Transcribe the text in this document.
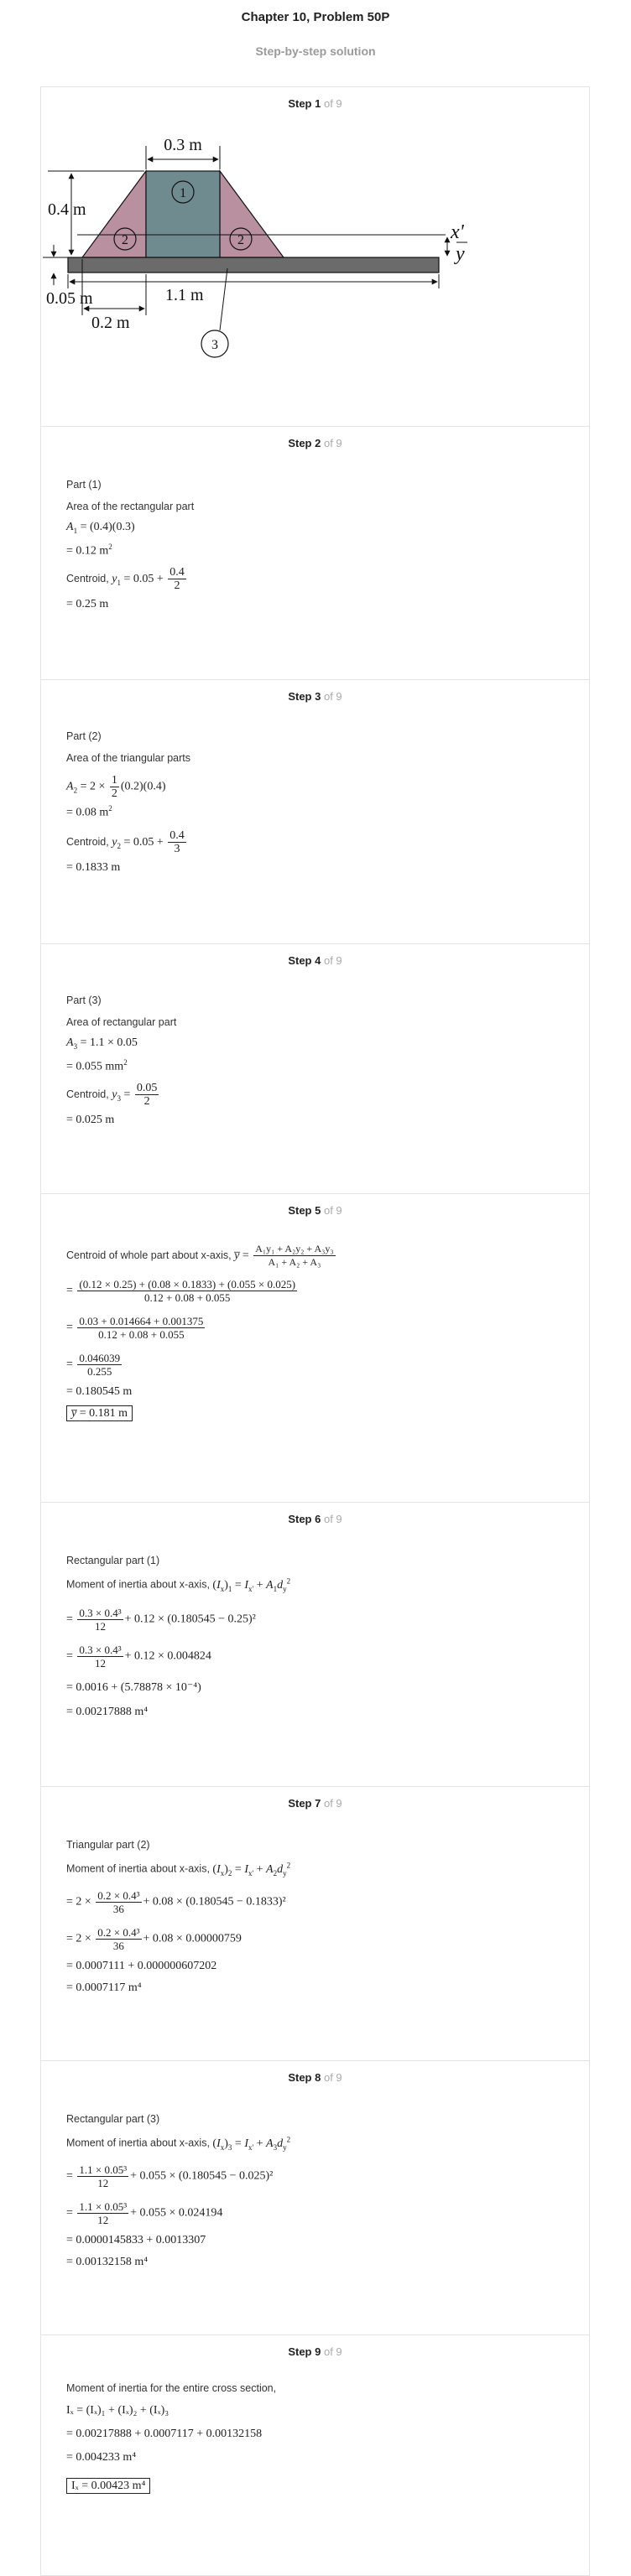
Chapter 10, Problem 50P
Step-by-step solution
Step 1 of 9
0.3 m
0.4 m
0.05 m	1.1 m
0.2 m
1
2	2
3
x'
y
Step 2 of 9
Part (1)
Area of the rectangular part
$A_1 = (0.4)(0.3)$
= 0.12 $m^2$
Centroid, $y_1 = 0.05 + \frac{0.4}{2}$
= 0.25 m
Step 3 of 9
Part (2)
Area of the triangular parts
$A_2 = 2 \times \frac{1}{2} (0.2)(0.4)$
= 0.08 $m^2$
Centroid, $y_2 = 0.05 + \frac{0.4}{3}$
= 0.1833 m
Step 4 of 9
Part (3)
Area of rectangular part
$A_3 = 1.1 \times 0.05$
= 0.055 $mm^2$
Centroid, $y_3 = \frac{0.05}{2}$
= 0.025 m
Step 5 of 9
Centroid of whole part about x-axis, y̅ = $\frac{\text{A₁y₁ + A₂y₂ + A₃y₃}}{\text{A₁ + A₂ + A₃}}$
= $\frac{(0.12 \times 0.25) + (0.08 \times 0.1833) + (0.055 \times 0.025)}{0.12 + 0.08 + 0.055}$
= $\frac{0.03 + 0.014664 + 0.001375}{0.12 + 0.08 + 0.055}$
= $\frac{0.046039}{0.255}$
= 0.180545 m
y̅ = 0.181 m
Step 6 of 9
Rectangular part (1)
Moment of inertia about x-axis, $(I_x)_1 = I_{x'} + A_1d_y^2$
= $\frac{\text{0.3 × 0.4³}}{12} + 0.12 \times (0.180545 - 0.25)^2$
= $\frac{\text{0.3 × 0.4³}}{12} + 0.12 \times 0.004824$
= 0.0016 + (5.78878 × 10⁻⁴)
= 0.00217888 m⁴
Step 7 of 9
Triangular part (2)
Moment of inertia about x-axis, $(I_x)_2 = I_{x'} + A_2d_y^2$
= $2 \times \frac{\text{0.2 × 0.4³}}{36} + 0.08 \times (0.180545 - 0.1833)^2$
= $2 \times \frac{\text{0.2 × 0.4³}}{36} + 0.08 \times 0.00000759$
= 0.0007111 + 0.000000607202
= 0.0007117 m⁴
Step 8 of 9
Rectangular part (3)
Moment of inertia about x-axis, $(I_x)_3 = I_{x'} + A_3d_y^2$
= $\frac{\text{1.1 × 0.05³}}{12} + 0.055 \times (0.180545 - 0.025)^2$
= $\frac{\text{1.1 × 0.05³}}{12} + 0.055 \times 0.024194$
= 0.0000145833 + 0.0013307
= 0.00132158 m⁴
Step 9 of 9
Moment of inertia for the entire cross section,
Iₓ = (Iₓ)₁ + (Iₓ)₂ + (Iₓ)₃
= 0.00217888 + 0.0007117 + 0.00132158
= 0.004233 m⁴
Iₓ = 0.00423 m⁴
